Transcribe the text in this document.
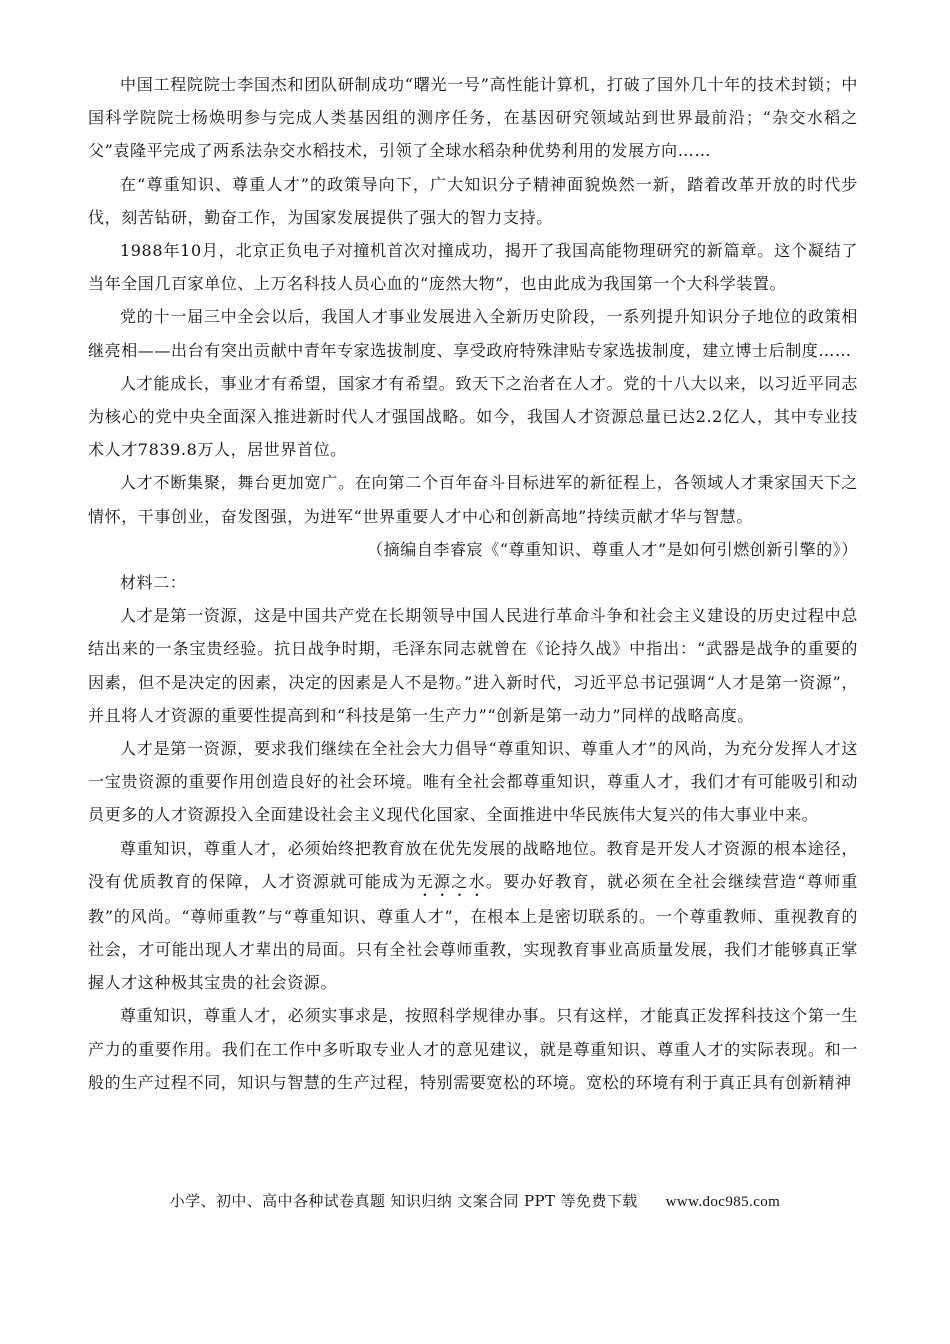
中国工程院院士李国杰和团队研制成功“曙光一号”高性能计算机，打破了国外几十年的技术封锁；中国科学院院士杨焕明参与完成人类基因组的测序任务，在基因研究领域站到世界最前沿；“杂交水稻之父”袁隆平完成了两系法杂交水稻技术，引领了全球水稻杂种优势利用的发展方向……

在“尊重知识、尊重人才”的政策导向下，广大知识分子精神面貌焕然一新，踏着改革开放的时代步伐，刻苦钻研，勤奋工作，为国家发展提供了强大的智力支持。

1988年10月，北京正负电子对撞机首次对撞成功，揭开了我国高能物理研究的新篇章。这个凝结了当年全国几百家单位、上万名科技人员心血的“庞然大物”，也由此成为我国第一个大科学装置。

党的十一届三中全会以后，我国人才事业发展进入全新历史阶段，一系列提升知识分子地位的政策相继亮相——出台有突出贡献中青年专家选拔制度、享受政府特殊津贴专家选拔制度，建立博士后制度……

人才能成长，事业才有希望，国家才有希望。致天下之治者在人才。党的十八大以来，以习近平同志为核心的党中央全面深入推进新时代人才强国战略。如今，我国人才资源总量已达2.2亿人，其中专业技术人才7839.8万人，居世界首位。

人才不断集聚，舞台更加宽广。在向第二个百年奋斗目标进军的新征程上，各领域人才秉家国天下之情怀，干事创业，奋发图强，为进军“世界重要人才中心和创新高地”持续贡献才华与智慧。

（摘编自李睿宸《“尊重知识、尊重人才”是如何引燃创新引擎的》）

材料二：

人才是第一资源，这是中国共产党在长期领导中国人民进行革命斗争和社会主义建设的历史过程中总结出来的一条宝贵经验。抗日战争时期，毛泽东同志就曾在《论持久战》中指出：“武器是战争的重要的因素，但不是决定的因素，决定的因素是人不是物。”进入新时代，习近平总书记强调“人才是第一资源”，并且将人才资源的重要性提高到和“科技是第一生产力”“创新是第一动力”同样的战略高度。

人才是第一资源，要求我们继续在全社会大力倡导“尊重知识、尊重人才”的风尚，为充分发挥人才这一宝贵资源的重要作用创造良好的社会环境。唯有全社会都尊重知识，尊重人才，我们才有可能吸引和动员更多的人才资源投入全面建设社会主义现代化国家、全面推进中华民族伟大复兴的伟大事业中来。

尊重知识，尊重人才，必须始终把教育放在优先发展的战略地位。教育是开发人才资源的根本途径，没有优质教育的保障，人才资源就可能成为无源之水。要办好教育，就必须在全社会继续营造“尊师重教”的风尚。“尊师重教”与“尊重知识、尊重人才”，在根本上是密切联系的。一个尊重教师、重视教育的社会，才可能出现人才辈出的局面。只有全社会尊师重教，实现教育事业高质量发展，我们才能够真正掌握人才这种极其宝贵的社会资源。

尊重知识，尊重人才，必须实事求是，按照科学规律办事。只有这样，才能真正发挥科技这个第一生产力的重要作用。我们在工作中多听取专业人才的意见建议，就是尊重知识、尊重人才的实际表现。和一般的生产过程不同，知识与智慧的生产过程，特别需要宽松的环境。宽松的环境有利于真正具有创新精神

小学、初中、高中各种试卷真题 知识归纳 文案合同 PPT 等免费下载 www.doc985.com
